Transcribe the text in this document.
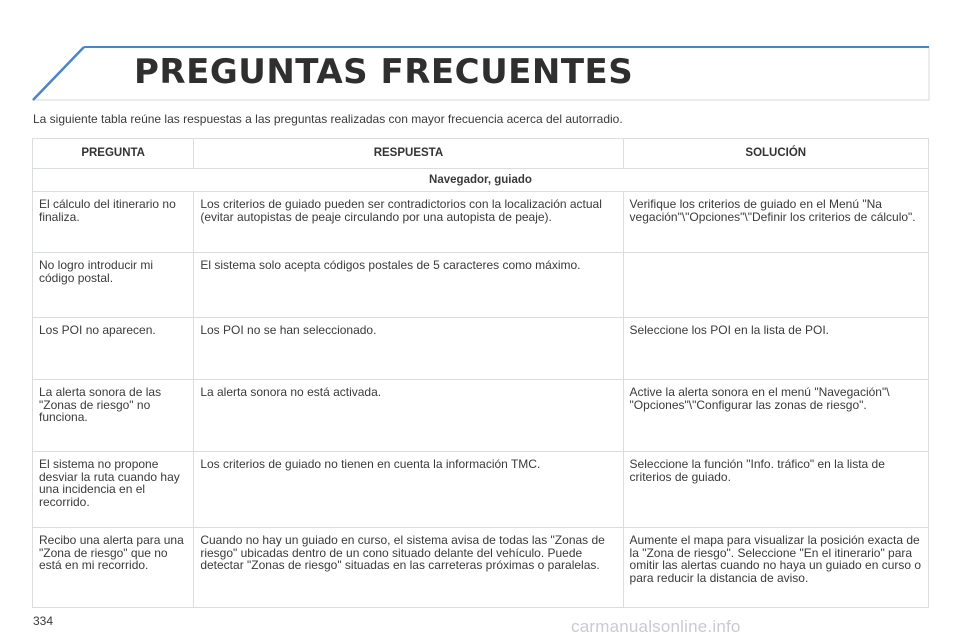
PREGUNTAS FRECUENTES
La siguiente tabla reúne las respuestas a las preguntas realizadas con mayor frecuencia acerca del autorradio.
PREGUNTA	RESPUESTA	SOLUCIÓN
Navegador, guiado		
El cálculo del itinerario no finaliza.	Los criterios de guiado pueden ser contradictorios con la localización actual (evitar autopistas de peaje circulando por una autopista de peaje).	Verifique los criterios de guiado en el Menú "Na vegación"\"Opciones"\"Definir los criterios de cálculo".
No logro introducir mi código postal.	El sistema solo acepta códigos postales de 5 caracteres como máximo.	
Los POI no aparecen.	Los POI no se han seleccionado.	Seleccione los POI en la lista de POI.
La alerta sonora de las "Zonas de riesgo" no funciona.	La alerta sonora no está activada.	Active la alerta sonora en el menú "Navegación"\ "Opciones"\"Configurar las zonas de riesgo".
El sistema no propone desviar la ruta cuando hay una incidencia en el recorrido.	Los criterios de guiado no tienen en cuenta la información TMC.	Seleccione la función "Info. tráfico" en la lista de criterios de guiado.
Recibo una alerta para una "Zona de riesgo" que no está en mi recorrido.	Cuando no hay un guiado en curso, el sistema avisa de todas las "Zonas de riesgo" ubicadas dentro de un cono situado delante del vehículo. Puede detectar "Zonas de riesgo" situadas en las carreteras próximas o paralelas.	Aumente el mapa para visualizar la posición exacta de la "Zona de riesgo". Seleccione "En el itinerario" para omitir las alertas cuando no haya un guiado en curso o para reducir la distancia de aviso.
334	carmanualsonline.info
